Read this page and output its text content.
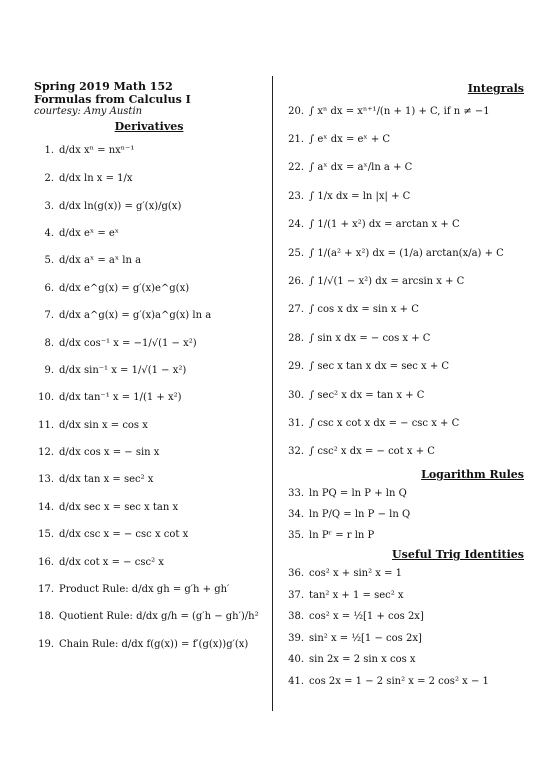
Spring 2019 Math 152
Formulas from Calculus I
courtesy: Amy Austin
Derivatives
1. d/dx xⁿ = nxⁿ⁻¹
2. d/dx ln x = 1/x
3. d/dx ln(g(x)) = g′(x)/g(x)
4. d/dx eˣ = eˣ
5. d/dx aˣ = aˣ ln a
6. d/dx e^g(x) = g′(x)e^g(x)
7. d/dx a^g(x) = g′(x)a^g(x) ln a
8. d/dx cos⁻¹ x = −1/√(1 − x²)
9. d/dx sin⁻¹ x = 1/√(1 − x²)
10. d/dx tan⁻¹ x = 1/(1 + x²)
11. d/dx sin x = cos x
12. d/dx cos x = − sin x
13. d/dx tan x = sec² x
14. d/dx sec x = sec x tan x
15. d/dx csc x = − csc x cot x
16. d/dx cot x = − csc² x
17. Product Rule: d/dx gh = g′h + gh′
18. Quotient Rule: d/dx g/h = (g′h − gh′)/h²
19. Chain Rule: d/dx f(g(x)) = f′(g(x))g′(x)
Integrals
20. ∫ xⁿ dx = xⁿ⁺¹/(n + 1) + C, if n ≠ −1
21. ∫ eˣ dx = eˣ + C
22. ∫ aˣ dx = aˣ/ln a + C
23. ∫ 1/x dx = ln |x| + C
24. ∫ 1/(1 + x²) dx = arctan x + C
25. ∫ 1/(a² + x²) dx = (1/a) arctan(x/a) + C
26. ∫ 1/√(1 − x²) dx = arcsin x + C
27. ∫ cos x dx = sin x + C
28. ∫ sin x dx = − cos x + C
29. ∫ sec x tan x dx = sec x + C
30. ∫ sec² x dx = tan x + C
31. ∫ csc x cot x dx = − csc x + C
32. ∫ csc² x dx = − cot x + C
Logarithm Rules
33. ln PQ = ln P + ln Q
34. ln P/Q = ln P − ln Q
35. ln Pʳ = r ln P
Useful Trig Identities
36. cos² x + sin² x = 1
37. tan² x + 1 = sec² x
38. cos² x = ½[1 + cos 2x]
39. sin² x = ½[1 − cos 2x]
40. sin 2x = 2 sin x cos x
41. cos 2x = 1 − 2 sin² x = 2 cos² x − 1
